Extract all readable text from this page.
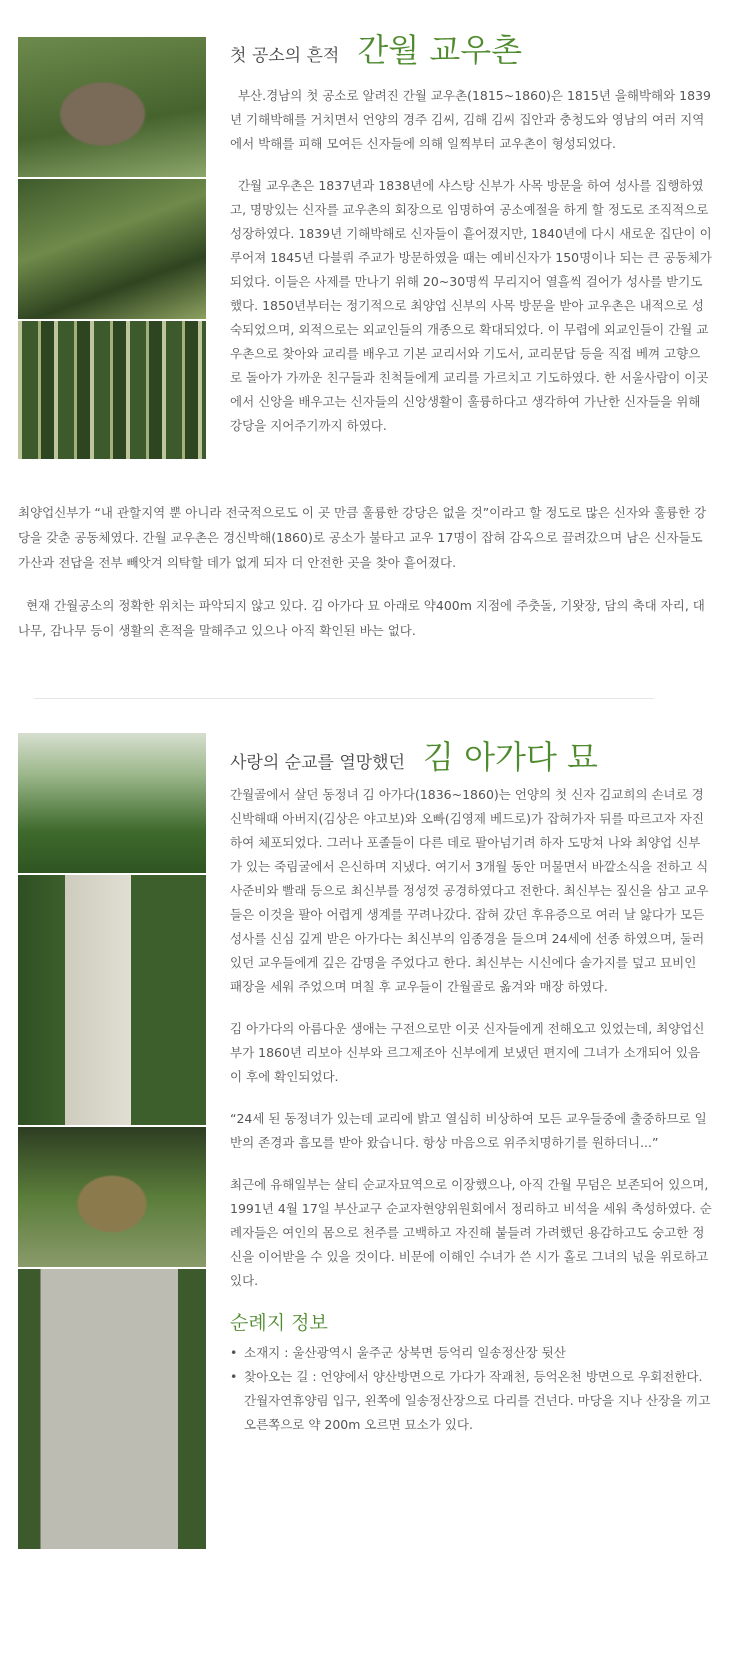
첫 공소의 흔적 간월 교우촌

부산.경남의 첫 공소로 알려진 간월 교우촌(1815~1860)은 1815년 을해박해와 1839년 기해박해를 거치면서 언양의 경주 김씨, 김해 김씨 집안과 충청도와 영남의 여러 지역에서 박해를 피해 모여든 신자들에 의해 일찍부터 교우촌이 형성되었다.

간월 교우촌은 1837년과 1838년에 샤스탕 신부가 사목 방문을 하여 성사를 집행하였고, 명망있는 신자를 교우촌의 회장으로 임명하여 공소예절을 하게 할 정도로 조직적으로 성장하였다. 1839년 기해박해로 신자들이 흩어졌지만, 1840년에 다시 새로운 집단이 이루어져 1845년 다블뤼 주교가 방문하였을 때는 예비신자가 150명이나 되는 큰 공동체가 되었다. 이들은 사제를 만나기 위해 20~30명씩 무리지어 열흘씩 걸어가 성사를 받기도 했다. 1850년부터는 정기적으로 최양업 신부의 사목 방문을 받아 교우촌은 내적으로 성숙되었으며, 외적으로는 외교인들의 개종으로 확대되었다. 이 무렵에 외교인들이 간월 교우촌으로 찾아와 교리를 배우고 기본 교리서와 기도서, 교리문답 등을 직접 베껴 고향으로 돌아가 가까운 친구들과 친척들에게 교리를 가르치고 기도하였다. 한 서울사람이 이곳에서 신앙을 배우고는 신자들의 신앙생활이 훌륭하다고 생각하여 가난한 신자들을 위해 강당을 지어주기까지 하였다.

최양업신부가 “내 관할지역 뿐 아니라 전국적으로도 이 곳 만큼 훌륭한 강당은 없을 것”이라고 할 정도로 많은 신자와 훌륭한 강당을 갖춘 공동체였다. 간월 교우촌은 경신박해(1860)로 공소가 불타고 교우 17명이 잡혀 감옥으로 끌려갔으며 남은 신자들도 가산과 전답을 전부 빼앗겨 의탁할 데가 없게 되자 더 안전한 곳을 찾아 흩어졌다.

현재 간월공소의 정확한 위치는 파악되지 않고 있다. 김 아가다 묘 아래로 약400m 지점에 주춧돌, 기왓장, 담의 축대 자리, 대나무, 감나무 등이 생활의 흔적을 말해주고 있으나 아직 확인된 바는 없다.

사랑의 순교를 열망했던 김 아가다 묘

간월골에서 살던 동정녀 김 아가다(1836~1860)는 언양의 첫 신자 김교희의 손녀로 경신박해때 아버지(김상은 야고보)와 오빠(김영제 베드로)가 잡혀가자 뒤를 따르고자 자진하여 체포되었다. 그러나 포졸들이 다른 데로 팔아넘기려 하자 도망쳐 나와 최양업 신부가 있는 죽림굴에서 은신하며 지냈다. 여기서 3개월 동안 머물면서 바깥소식을 전하고 식사준비와 빨래 등으로 최신부를 정성껏 공경하였다고 전한다. 최신부는 짚신을 삼고 교우들은 이것을 팔아 어렵게 생계를 꾸려나갔다. 잡혀 갔던 후유증으로 여러 날 앓다가 모든 성사를 신심 깊게 받은 아가다는 최신부의 임종경을 들으며 24세에 선종 하였으며, 둘러 있던 교우들에게 깊은 감명을 주었다고 한다. 최신부는 시신에다 솔가지를 덮고 묘비인 패장을 세워 주었으며 며칠 후 교우들이 간월골로 옮겨와 매장 하였다.

김 아가다의 아름다운 생애는 구전으로만 이곳 신자들에게 전해오고 있었는데, 최양업신부가 1860년 리보아 신부와 르그제조아 신부에게 보냈던 편지에 그녀가 소개되어 있음이 후에 확인되었다.

“24세 된 동정녀가 있는데 교리에 밝고 열심히 비상하여 모든 교우들중에 출중하므로 일반의 존경과 흠모를 받아 왔습니다. 항상 마음으로 위주치명하기를 원하더니...”

최근에 유해일부는 살티 순교자묘역으로 이장했으나, 아직 간월 무덤은 보존되어 있으며, 1991년 4월 17일 부산교구 순교자현양위원회에서 정리하고 비석을 세워 축성하였다. 순례자들은 여인의 몸으로 천주를 고백하고 자진해 붙들려 가려했던 용감하고도 숭고한 정신을 이어받을 수 있을 것이다. 비문에 이해인 수녀가 쓴 시가 홀로 그녀의 넋을 위로하고 있다.

순례지 정보
• 소재지 : 울산광역시 울주군 상북면 등억리 일송정산장 뒷산
• 찾아오는 길 : 언양에서 양산방면으로 가다가 작괘천, 등억온천 방면으로 우회전한다. 간월자연휴양림 입구, 왼쪽에 일송정산장으로 다리를 건넌다. 마당을 지나 산장을 끼고 오른쪽으로 약 200m 오르면 묘소가 있다.
